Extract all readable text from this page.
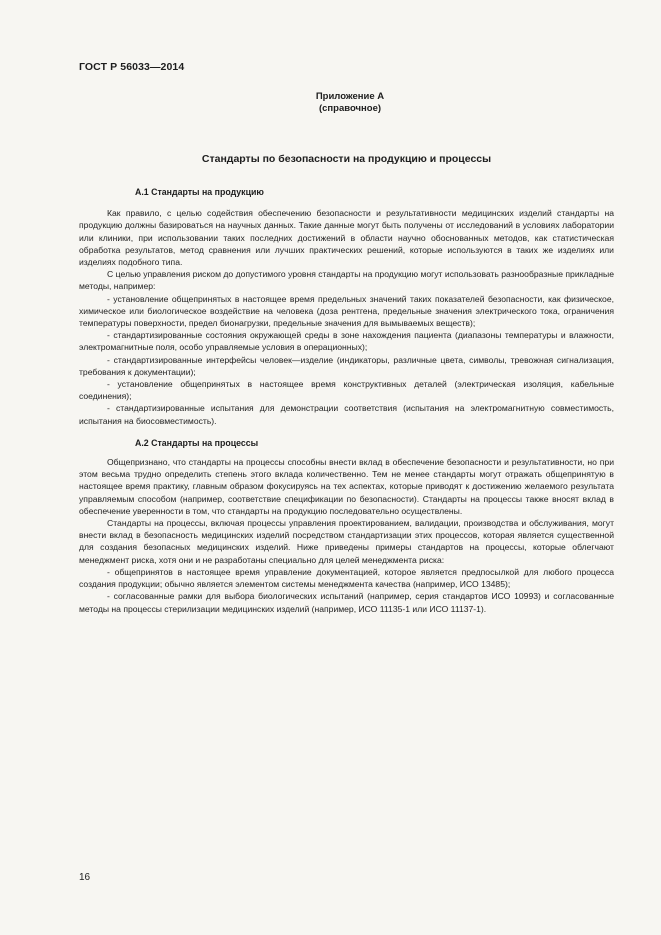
ГОСТ Р 56033—2014
Приложение А
(справочное)
Стандарты по безопасности на продукцию и процессы

А.1 Стандарты на продукцию

Как правило, с целью содействия обеспечению безопасности и результативности медицинских изделий стандарты на продукцию должны базироваться на научных данных. Такие данные могут быть получены от исследований в условиях лаборатории или клиники, при использовании таких последних достижений в области научно обоснованных методов, как статистическая обработка результатов, метод сравнения или лучших практических решений, которые используются в таких же изделиях или изделиях подобного типа.

С целью управления риском до допустимого уровня стандарты на продукцию могут использовать разнообразные прикладные методы, например:

- установление общепринятых в настоящее время предельных значений таких показателей безопасности, как физическое, химическое или биологическое воздействие на человека (доза рентгена, предельные значения электрического тока, ограничения температуры поверхности, предел бионагрузки, предельные значения для вымываемых веществ);

- стандартизированные состояния окружающей среды в зоне нахождения пациента (диапазоны температуры и влажности, электромагнитные поля, особо управляемые условия в операционных);

- стандартизированные интерфейсы человек—изделие (индикаторы, различные цвета, символы, тревожная сигнализация, требования к документации);

- установление общепринятых в настоящее время конструктивных деталей (электрическая изоляция, кабельные соединения);

- стандартизированные испытания для демонстрации соответствия (испытания на электромагнитную совместимость, испытания на биосовместимость).

А.2 Стандарты на процессы

Общепризнано, что стандарты на процессы способны внести вклад в обеспечение безопасности и результативности, но при этом весьма трудно определить степень этого вклада количественно. Тем не менее стандарты могут отражать общепринятую в настоящее время практику, главным образом фокусируясь на тех аспектах, которые приводят к достижению желаемого результата управляемым способом (например, соответствие спецификации по безопасности). Стандарты на процессы также вносят вклад в обеспечение уверенности в том, что стандарты на продукцию последовательно осуществлены.

Стандарты на процессы, включая процессы управления проектированием, валидации, производства и обслуживания, могут внести вклад в безопасность медицинских изделий посредством стандартизации этих процессов, которая является существенной для создания безопасных медицинских изделий. Ниже приведены примеры стандартов на процессы, которые облегчают менеджмент риска, хотя они и не разработаны специально для целей менеджмента риска:

- общепринятов в настоящее время управление документацией, которое является предпосылкой для любого процесса создания продукции; обычно является элементом системы менеджмента качества (например, ИСО 13485);

- согласованные рамки для выбора биологических испытаний (например, серия стандартов ИСО 10993) и согласованные методы на процессы стерилизации медицинских изделий (например, ИСО 11135-1 или ИСО 11137-1).

16
